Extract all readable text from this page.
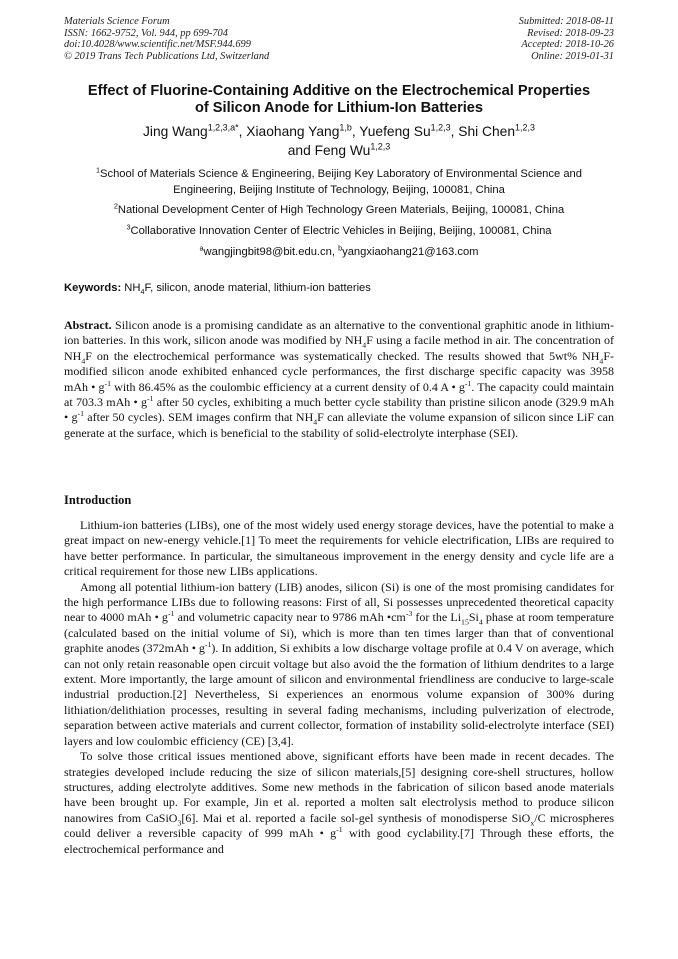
Materials Science Forum
ISSN: 1662-9752, Vol. 944, pp 699-704
doi:10.4028/www.scientific.net/MSF.944.699
© 2019 Trans Tech Publications Ltd, Switzerland
Submitted: 2018-08-11
Revised: 2018-09-23
Accepted: 2018-10-26
Online: 2019-01-31
Effect of Fluorine-Containing Additive on the Electrochemical Properties
of Silicon Anode for Lithium-Ion Batteries
Jing Wang$^{1,2,3,a*}$, Xiaohang Yang$^{1,b}$, Yuefeng Su$^{1,2,3}$, Shi Chen$^{1,2,3}$
and Feng Wu$^{1,2,3}$
$^1$School of Materials Science & Engineering, Beijing Key Laboratory of Environmental Science and
Engineering, Beijing Institute of Technology, Beijing, 100081, China
$^2$National Development Center of High Technology Green Materials, Beijing, 100081, China
$^3$Collaborative Innovation Center of Electric Vehicles in Beijing, Beijing, 100081, China
$^a$wangjingbit98@bit.edu.cn, $^b$yangxiaohang21@163.com
Keywords: $NH_4F$, silicon, anode material, lithium-ion batteries
Abstract. Silicon anode is a promising candidate as an alternative to the conventional graphitic anode in lithium-ion batteries. In this work, silicon anode was modified by $NH_4F$ using a facile method in air. The concentration of $NH_4F$ on the electrochemical performance was systematically checked. The results showed that 5wt% $NH_4F$-modified silicon anode exhibited enhanced cycle performances, the first discharge specific capacity was 3958 mAh • $g^{-1}$ with 86.45% as the coulombic efficiency at a current density of 0.4 A • $g^{-1}$. The capacity could maintain at 703.3 mAh • $g^{-1}$ after 50 cycles, exhibiting a much better cycle stability than pristine silicon anode (329.9 mAh • $g^{-1}$ after 50 cycles). SEM images confirm that $NH_4F$ can alleviate the volume expansion of silicon since LiF can generate at the surface, which is beneficial to the stability of solid-electrolyte interphase (SEI).
Introduction

Lithium-ion batteries (LIBs), one of the most widely used energy storage devices, have the potential to make a great impact on new-energy vehicle.[1] To meet the requirements for vehicle electrification, LIBs are required to have better performance. In particular, the simultaneous improvement in the energy density and cycle life are a critical requirement for those new LIBs applications.

Among all potential lithium-ion battery (LIB) anodes, silicon (Si) is one of the most promising candidates for the high performance LIBs due to following reasons: First of all, Si possesses unprecedented theoretical capacity near to 4000 mAh • $g^{-1}$ and volumetric capacity near to 9786 mAh $•cm^{-3}$ for the $Li_{15}Si_4$ phase at room temperature (calculated based on the initial volume of Si), which is more than ten times larger than that of conventional graphite anodes (372mAh • $g^{-1}$). In addition, Si exhibits a low discharge voltage profile at 0.4 V on average, which can not only retain reasonable open circuit voltage but also avoid the the formation of lithium dendrites to a large extent. More importantly, the large amount of silicon and environmental friendliness are conducive to large-scale industrial production.[2] Nevertheless, Si experiences an enormous volume expansion of 300% during lithiation/delithiation processes, resulting in several fading mechanisms, including pulverization of electrode, separation between active materials and current collector, formation of instability solid-electrolyte interface (SEI) layers and low coulombic efficiency (CE) [3,4].

To solve those critical issues mentioned above, significant efforts have been made in recent decades. The strategies developed include reducing the size of silicon materials,[5] designing core-shell structures, hollow structures, adding electrolyte additives. Some new methods in the fabrication of silicon based anode materials have been brought up. For example, Jin et al. reported a molten salt electrolysis method to produce silicon nanowires from CaSiO$_3$[6]. Mai et al. reported a facile sol-gel synthesis of monodisperse SiO$_x$/C microspheres could deliver a reversible capacity of 999 mAh • $g^{-1}$ with good cyclability.[7] Through these efforts, the electrochemical performance and
